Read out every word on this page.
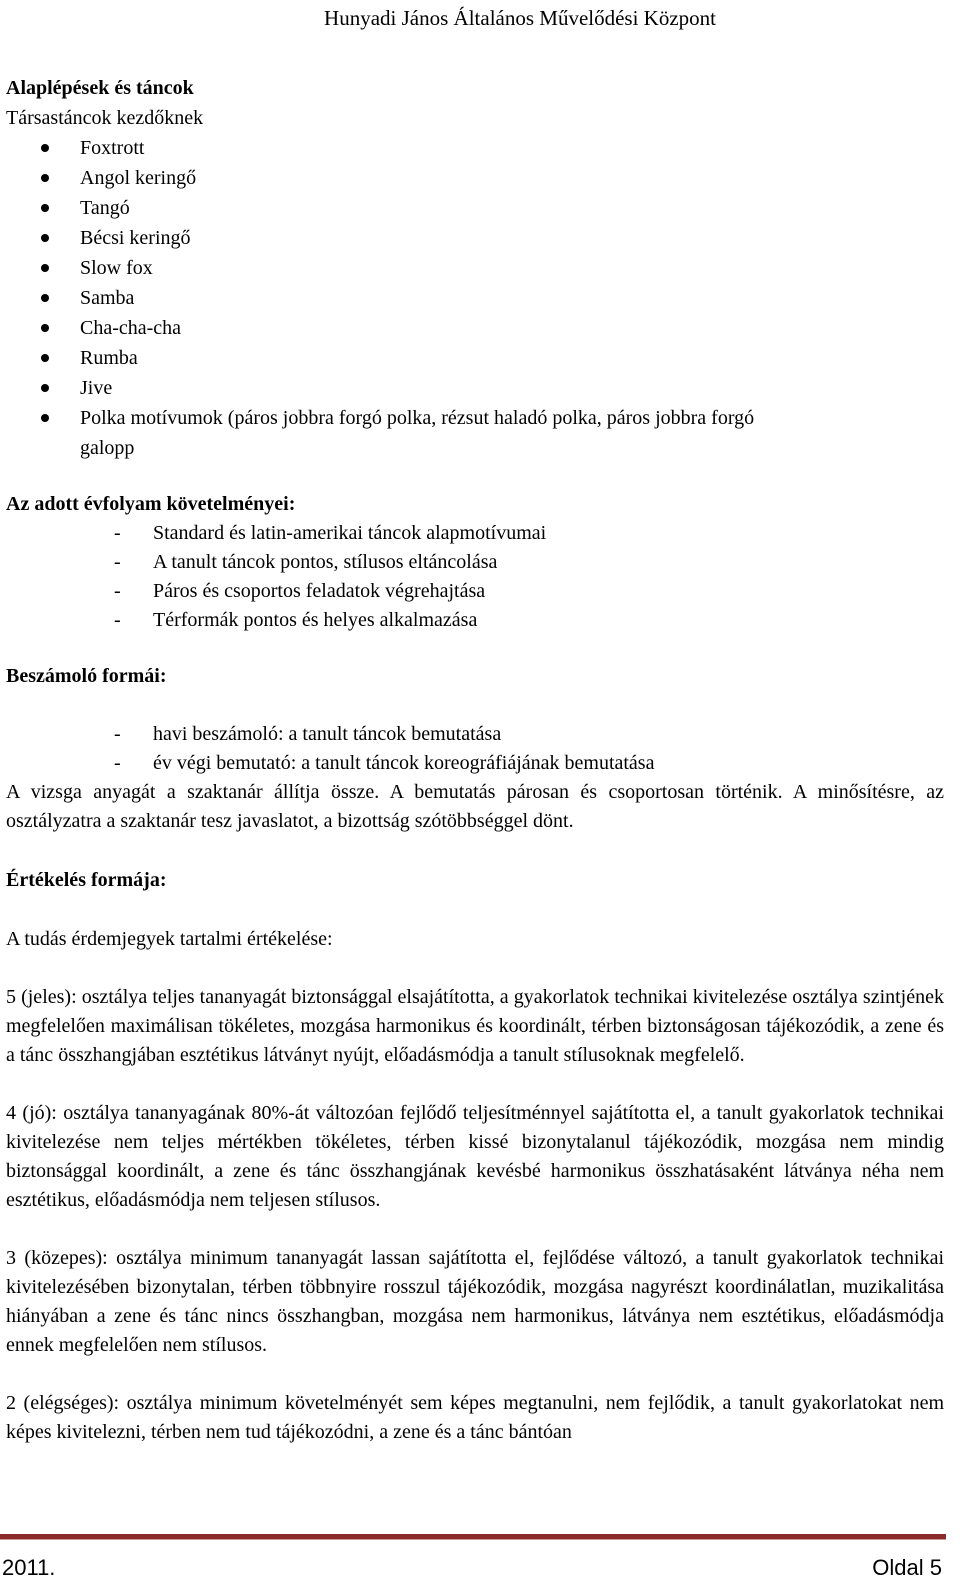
Hunyadi János Általános Művelődési Központ
Alaplépések és táncok
Társastáncok kezdőknek
Foxtrott
Angol keringő
Tangó
Bécsi keringő
Slow fox
Samba
Cha-cha-cha
Rumba
Jive
Polka motívumok (páros jobbra forgó polka, rézsut haladó polka, páros jobbra forgó
galopp
Az adott évfolyam követelményei:
- Standard és latin-amerikai táncok alapmotívumai
- A tanult táncok pontos, stílusos eltáncolása
- Páros és csoportos feladatok végrehajtása
- Térformák pontos és helyes alkalmazása
Beszámoló formái:
- havi beszámoló: a tanult táncok bemutatása
- év végi bemutató: a tanult táncok koreográfiájának bemutatása
A vizsga anyagát a szaktanár állítja össze. A bemutatás párosan és csoportosan történik. A minősítésre, az osztályzatra a szaktanár tesz javaslatot, a bizottság szótöbbséggel dönt.
Értékelés formája:
A tudás érdemjegyek tartalmi értékelése:
5 (jeles): osztálya teljes tananyagát biztonsággal elsajátította, a gyakorlatok technikai kivitelezése osztálya szintjének megfelelően maximálisan tökéletes, mozgása harmonikus és koordinált, térben biztonságosan tájékozódik, a zene és a tánc összhangjában esztétikus látványt nyújt, előadásmódja a tanult stílusoknak megfelelő.
4 (jó): osztálya tananyagának 80%-át változóan fejlődő teljesítménnyel sajátította el, a tanult gyakorlatok technikai kivitelezése nem teljes mértékben tökéletes, térben kissé bizonytalanul tájékozódik, mozgása nem mindig biztonsággal koordinált, a zene és tánc összhangjának kevésbé harmonikus összhatásaként látványa néha nem esztétikus, előadásmódja nem teljesen stílusos.
3 (közepes): osztálya minimum tananyagát lassan sajátította el, fejlődése változó, a tanult gyakorlatok technikai kivitelezésében bizonytalan, térben többnyire rosszul tájékozódik, mozgása nagyrészt koordinálatlan, muzikalitása hiányában a zene és tánc nincs összhangban, mozgása nem harmonikus, látványa nem esztétikus, előadásmódja ennek megfelelően nem stílusos.
2 (elégséges): osztálya minimum követelményét sem képes megtanulni, nem fejlődik, a tanult gyakorlatokat nem képes kivitelezni, térben nem tud tájékozódni, a zene és a tánc bántóan
2011.	Oldal 5
